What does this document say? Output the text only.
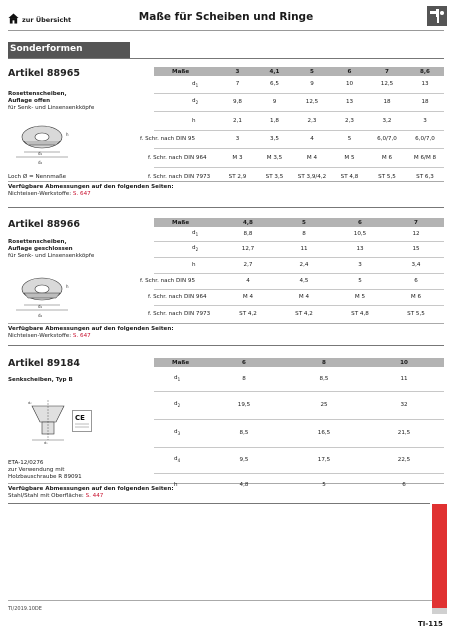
zur Übersicht	Maße für Scheiben und Ringe
Sonderformen
Artikel 88965
Rosettenscheiben,
Auflage offen
für Senk- und Linsensenkköpfe
h
d₁
d₂
Loch Ø = Nennmaße
Verfügbare Abmessungen auf den folgenden Seiten:
Nichteisen-Werkstoffe: S. 647
Maße	3	4,1	5	6	7	8,6
$d_1$	7	6,5	9	10	12,5	13
$d_2$	9,8	9	12,5	13	18	18
h	2,1	1,8	2,3	2,3	3,2	3
f. Schr. nach DIN 95	3	3,5	4	5	6,0/7,0	6,0/7,0
f. Schr. nach DIN 964	M 3	M 3,5	M 4	M 5	M 6	M 6/M 8
f. Schr. nach DIN 7973	ST 2,9	ST 3,5	ST 3,9/4,2	ST 4,8	ST 5,5	ST 6,3
Artikel 88966
Rosettenscheiben,
Auflage geschlossen
für Senk- und Linsensenkköpfe
h
d₁
d₂
Verfügbare Abmessungen auf den folgenden Seiten:
Nichteisen-Werkstoffe: S. 647
Maße	4,8	5	6	7
$d_1$	8,8	8	10,5	12
$d_2$	12,7	11	13	15
h	2,7	2,4	3	3,4
f. Schr. nach DIN 95	4	4,5	5	6
f. Schr. nach DIN 964	M 4	M 4	M 5	M 6
f. Schr. nach DIN 7973	ST 4,2	ST 4,2	ST 4,8	ST 5,5
Artikel 89184
Senkscheiben, Typ B
d₂
d₁
CE
ETA-12/0276
zur Verwendung mit
Holzbauschraube R 89091
Verfügbare Abmessungen auf den folgenden Seiten:
Stahl/Stahl mit Oberfläche: S. 447
Maße	6	8	10
$d_1$	8	8,5	11
$d_2$	19,5	25	32
$d_3$	8,5	16,5	21,5
$d_4$	9,5	17,5	22,5
h	4,8	5	6
TI/2019.10DE
TI-115
